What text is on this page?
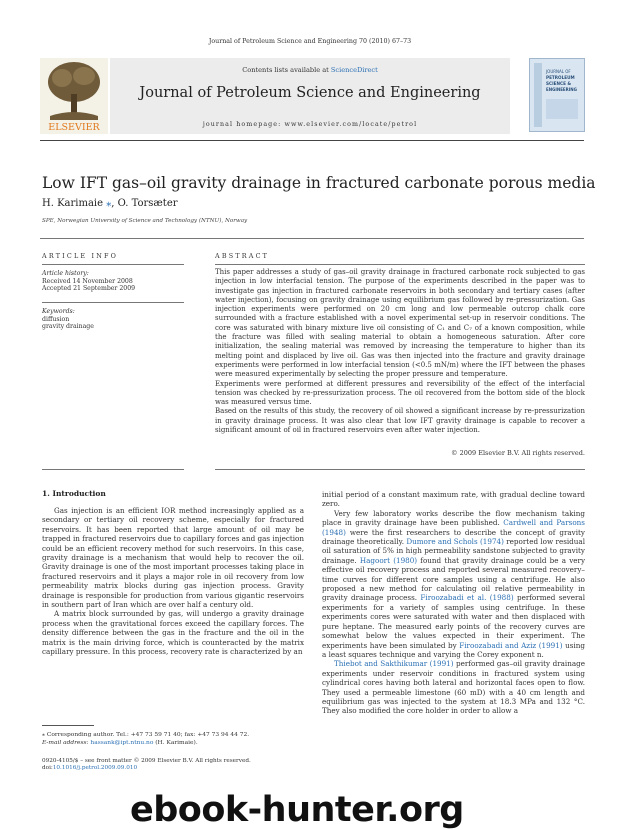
Journal of Petroleum Science and Engineering 70 (2010) 67–73
ELSEVIER
Contents lists available at ScienceDirect
Journal of Petroleum Science and Engineering
journal homepage: www.elsevier.com/locate/petrol
JOURNAL OF
PETROLEUM
SCIENCE &
ENGINEERING
Low IFT gas–oil gravity drainage in fractured carbonate porous media
H. Karimaie ⁎, O. Torsæter
SPE, Norwegian University of Science and Technology (NTNU), Norway
ARTICLE INFO	ABSTRACT
Article history:
Received 14 November 2008
Accepted 21 September 2009
Keywords:
diffusion
gravity drainage

This paper addresses a study of gas–oil gravity drainage in fractured carbonate rock subjected to gas injection in low interfacial tension. The purpose of the experiments described in the paper was to investigate gas injection in fractured carbonate reservoirs in both secondary and tertiary cases (after water injection), focusing on gravity drainage using equilibrium gas followed by re-pressurization. Gas injection experiments were performed on 20 cm long and low permeable outcrop chalk core surrounded with a fracture established with a novel experimental set-up in reservoir conditions. The core was saturated with binary mixture live oil consisting of C₁ and C₇ of a known composition, while the fracture was filled with sealing material to obtain a homogeneous saturation. After core initialization, the sealing material was removed by increasing the temperature to higher than its melting point and displaced by live oil. Gas was then injected into the fracture and gravity drainage experiments were performed in low interfacial tension (<0.5 mN/m) where the IFT between the phases were measured experimentally by selecting the proper pressure and temperature.

Experiments were performed at different pressures and reversibility of the effect of the interfacial tension was checked by re-pressurization process. The oil recovered from the bottom side of the block was measured versus time.

Based on the results of this study, the recovery of oil showed a significant increase by re-pressurization in gravity drainage process. It was also clear that low IFT gravity drainage is capable to recover a significant amount of oil in fractured reservoirs even after water injection.

© 2009 Elsevier B.V. All rights reserved.
1. Introduction

Gas injection is an efficient IOR method increasingly applied as a secondary or tertiary oil recovery scheme, especially for fractured reservoirs. It has been reported that large amount of oil may be trapped in fractured reservoirs due to capillary forces and gas injection could be an efficient recovery method for such reservoirs. In this case, gravity drainage is a mechanism that would help to recover the oil. Gravity drainage is one of the most important processes taking place in fractured reservoirs and it plays a major role in oil recovery from low permeability matrix blocks during gas injection process. Gravity drainage is responsible for production from various gigantic reservoirs in southern part of Iran which are over half a century old.

A matrix block surrounded by gas, will undergo a gravity drainage process when the gravitational forces exceed the capillary forces. The density difference between the gas in the fracture and the oil in the matrix is the main driving force, which is counteracted by the matrix capillary pressure. In this process, recovery rate is characterized by an

initial period of a constant maximum rate, with gradual decline toward zero.

Very few laboratory works describe the flow mechanism taking place in gravity drainage have been published. Cardwell and Parsons (1948) were the first researchers to describe the concept of gravity drainage theoretically. Dumore and Schols (1974) reported low residual oil saturation of 5% in high permeability sandstone subjected to gravity drainage. Hagoort (1980) found that gravity drainage could be a very effective oil recovery process and reported several measured recovery–time curves for different core samples using a centrifuge. He also proposed a new method for calculating oil relative permeability in gravity drainage process. Firoozabadi et al. (1988) performed several experiments for a variety of samples using centrifuge. In these experiments cores were saturated with water and then displaced with pure heptane. The measured early points of the recovery curves are somewhat below the values expected in their experiment. The experiments have been simulated by Firoozabadi and Aziz (1991) using a least squares technique and varying the Corey exponent n.

Thiebot and Sakthikumar (1991) performed gas–oil gravity drainage experiments under reservoir conditions in fractured system using cylindrical cores having both lateral and horizontal faces open to flow. They used a permeable limestone (60 mD) with a 40 cm length and equilibrium gas was injected to the system at 18.3 MPa and 132 °C. They also modified the core holder in order to allow a

⁎ Corresponding author. Tel.: +47 73 59 71 40; fax: +47 73 94 44 72.
E-mail address: hassank@ipt.ntnu.no (H. Karimaie).
0920-4105/$ – see front matter © 2009 Elsevier B.V. All rights reserved.
doi:10.1016/j.petrol.2009.09.010
ebook-hunter.org
